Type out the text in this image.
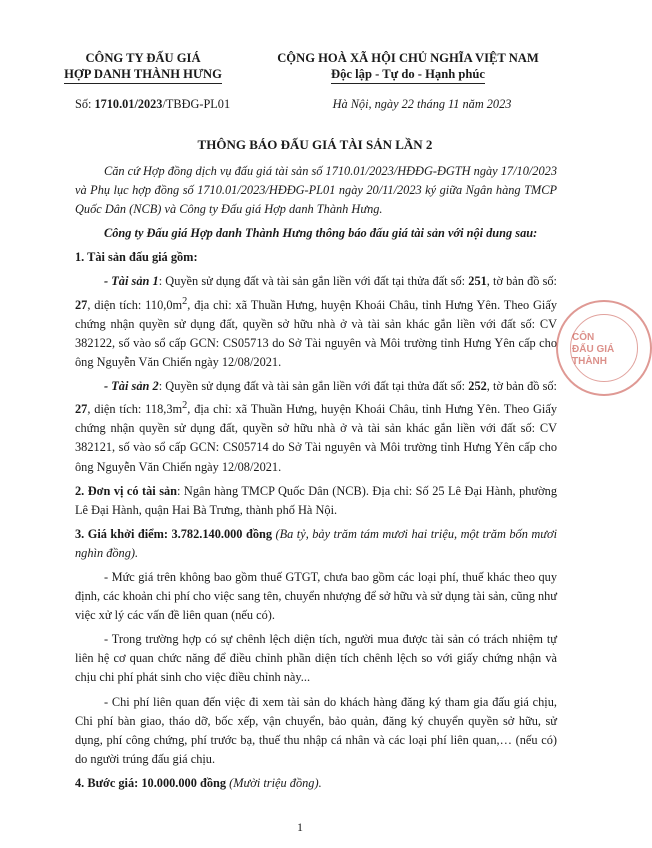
CÔNG TY ĐẤU GIÁ
HỢP DANH THÀNH HƯNG
CỘNG HOÀ XÃ HỘI CHỦ NGHĨA VIỆT NAM
Độc lập - Tự do - Hạnh phúc
Số: 1710.01/2023/TBĐG-PL01	Hà Nội, ngày 22 tháng 11 năm 2023
THÔNG BÁO ĐẤU GIÁ TÀI SẢN LẦN 2

Căn cứ Hợp đồng dịch vụ đấu giá tài sản số 1710.01/2023/HĐĐG-ĐGTH ngày 17/10/2023 và Phụ lục hợp đồng số 1710.01/2023/HĐĐG-PL01 ngày 20/11/2023 ký giữa Ngân hàng TMCP Quốc Dân (NCB) và Công ty Đấu giá Hợp danh Thành Hưng.

Công ty Đấu giá Hợp danh Thành Hưng thông báo đấu giá tài sản với nội dung sau:

1. Tài sản đấu giá gồm:

- Tài sản 1: Quyền sử dụng đất và tài sản gắn liền với đất tại thửa đất số: 251, tờ bản đồ số: 27, diện tích: $110,0m^2$, địa chỉ: xã Thuần Hưng, huyện Khoái Châu, tỉnh Hưng Yên. Theo Giấy chứng nhận quyền sử dụng đất, quyền sở hữu nhà ở và tài sản khác gắn liền với đất số: CV 382122, số vào sổ cấp GCN: CS05713 do Sở Tài nguyên và Môi trường tỉnh Hưng Yên cấp cho ông Nguyễn Văn Chiến ngày 12/08/2021.

- Tài sản 2: Quyền sử dụng đất và tài sản gắn liền với đất tại thửa đất số: 252, tờ bản đồ số: 27, diện tích: $118,3m^2$, địa chỉ: xã Thuần Hưng, huyện Khoái Châu, tỉnh Hưng Yên. Theo Giấy chứng nhận quyền sử dụng đất, quyền sở hữu nhà ở và tài sản khác gắn liền với đất số: CV 382121, số vào sổ cấp GCN: CS05714 do Sở Tài nguyên và Môi trường tỉnh Hưng Yên cấp cho ông Nguyễn Văn Chiến ngày 12/08/2021.

2. Đơn vị có tài sản: Ngân hàng TMCP Quốc Dân (NCB). Địa chỉ: Số 25 Lê Đại Hành, phường Lê Đại Hành, quận Hai Bà Trưng, thành phố Hà Nội.

3. Giá khởi điểm: 3.782.140.000 đồng (Ba tỷ, bảy trăm tám mươi hai triệu, một trăm bốn mươi nghìn đồng).

- Mức giá trên không bao gồm thuế GTGT, chưa bao gồm các loại phí, thuế khác theo quy định, các khoản chi phí cho việc sang tên, chuyển nhượng để sở hữu và sử dụng tài sản, cũng như việc xử lý các vấn đề liên quan (nếu có).

- Trong trường hợp có sự chênh lệch diện tích, người mua được tài sản có trách nhiệm tự liên hệ cơ quan chức năng để điều chỉnh phần diện tích chênh lệch so với giấy chứng nhận và chịu chi phí phát sinh cho việc điều chỉnh này...

- Chi phí liên quan đến việc đi xem tài sản do khách hàng đăng ký tham gia đấu giá chịu, Chi phí bàn giao, tháo dỡ, bốc xếp, vận chuyển, bảo quản, đăng ký chuyển quyền sở hữu, sử dụng, phí công chứng, phí trước bạ, thuế thu nhập cá nhân và các loại phí liên quan,… (nếu có) do người trúng đấu giá chịu.

4. Bước giá: 10.000.000 đồng (Mười triệu đồng).

CÔN
ĐẤU GIÁ
THÀNH
1
